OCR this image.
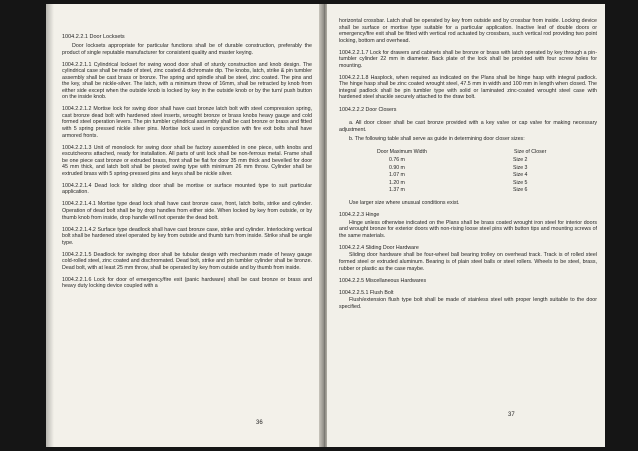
1004.2.2.1 Door Locksets

Door locksets appropriate for particular functions shall be of durable construction, preferably the product of single reputable manufacturer for consistent quality and master keying.

1004.2.2.1.1 Cylindrical lockset for swing wood door shall of sturdy construction and knob design. The cylindrical case shall be made of steel, zinc coated & dichromate dip. The knobs, latch, strike & pin tumbler assembly shall be cast brass or bronze. The spring and spindle shall be steel, zinc coated. The pins and the key, shall be nickle-silver. The latch, with a minimum throw of 16mm, shall be retracted by knob from either side except when the outside knob is locked by key in the outside knob or by the turn/ push button on the inside knob.

1004.2.2.1.2 Mortise lock for swing door shall have cast bronze latch bolt with steel compression spring, cast bronze dead bolt with hardened steel inserts, wrought bronze or brass knobs heavy gauge and cold formed steel operation levers. The pin tumbler cylindrical assembly shall be cast bronze or brass and fitted with 5 spring pressed nickle silver pins. Mortise lock used in conjunction with fire exit bolts shall have armored fronts.

1004.2.2.1.3 Unit of monolock for swing door shall be factory assembled in one piece, with knobs and escutcheons attached, ready for installation. All parts of unit lock shall be non-ferrous metal. Frame shall be one piece cast bronze or extruded brass, front shall be flat for door 35 mm thick and bevelled for door 45 mm thick, and latch bolt shall be pivoted swing type with minimum 26 mm throw. Cylinder shall be extruded brass with 5 spring-pressed pins and keys shall be nickle silver.

1004.2.2.1.4 Dead lock for sliding door shall be mortise or surface mounted type to suit particular application.

1004.2.2.1.4.1 Mortise type dead lock shall have cast bronze case, front, latch bolts, strike and cylinder. Operation of dead bolt shall be by drop handles from either side. When locked by key from outside, or by thumb knob from inside, drop handle will not operate the dead bolt.

1004.2.2.1.4.2 Surface type deadlock shall have cast bronze case, strike and cylinder. Interlocking vertical bolt shall be hardened steel operated by key from outside and thumb turn from inside. Strike shall be angle type.

1004.2.2.1.5 Deadlock for swinging door shall be tubular design with mechanism made of heavy gauge cold-rolled steel, zinc coated and dischromated. Dead bolt, strike and pin tumbler cylinder shall be bronze. Dead bolt, with at least 25 mm throw, shall be operated by key from outside and by thumb from inside.

1004.2.2.1.6 Lock for door of emergency/fire exit (panic hardware) shall be cast bronze or brass and heavy duty locking device coupled with a

36

horizontal crossbar. Latch shall be operated by key from outside and by crossbar from inside. Locking device shall be surface or mortise type suitable for a particular application. Inactive leaf of double doors or emergency/fire exit shall be fitted with vertical rod actuated by crossbars, such vertical rod providing two point locking, bottom and overhead.

1004.2.2.1.7 Lock for drawers and cabinets shall be bronze or brass with latch operated by key through a pin-tumbler cylinder 22 mm in diameter. Back plate of the lock shall be provided with four screw holes for mounting.

1004.2.2.1.8 Hasplock, when required as indicated on the Plans shall be hinge hasp with integral padlock. The hinge hasp shall be zinc coated wrought steel, 47.5 mm in width and 100 mm in length when closed. The integral padlock shall be pin tumbler type with solid or laminated zinc-coated wrought steel case with hardened steel shackle securely attached to the draw bolt.

1004.2.2.2 Door Closers

a. All door closer shall be cast bronze provided with a key valve or cap valve for making necessary adjustment.

b. The following table shall serve as guide in determining door closer sizes:

Door Maximum Width	Size of Closer
0.76 m	Size 2
0.90 m	Size 3
1.07 m	Size 4
1.20 m	Size 5
1.37 m	Size 6

Use larger size where unusual conditions exist.

1004.2.2.3 Hinge

Hinge unless otherwise indicated on the Plans shall be brass coated wrought iron steel for interior doors and wrought bronze for exterior doors with non-rising loose steel pins with button tips and mounting screws of the same materials.

1004.2.2.4 Sliding Door Hardware

Sliding door hardware shall be four-wheel ball bearing trolley on overhead track. Track is of rolled steel formed steel or extruded aluminum. Bearing is of plain steel balls or steel rollers. Wheels to be steel, brass, rubber or plastic as the case maybe.

1004.2.2.5 Miscellaneous Hardwares

1004.2.2.5.1 Flush Bolt

Flush/extension flush type bolt shall be made of stainless steel with proper length suitable to the door specified.

37
